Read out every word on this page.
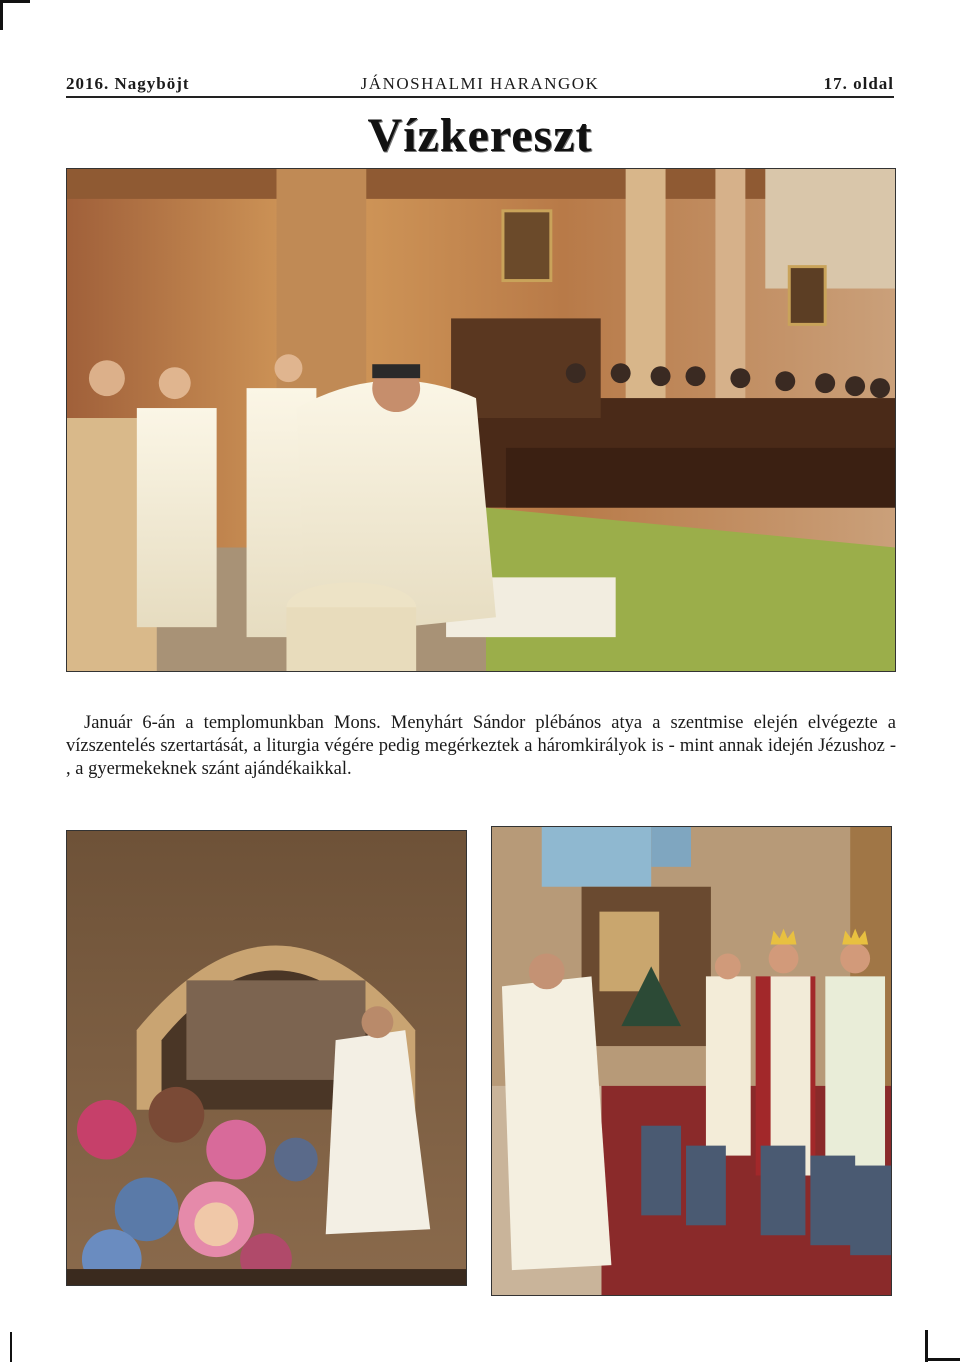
2016. Nagyböjt	JÁNOSHALMI HARANGOK	17. oldal
Vízkereszt
Január 6-án a templomunkban Mons. Menyhárt Sándor plébános atya a szentmise elején elvégezte a vízszentelés szertartását, a liturgia végére pedig megérkeztek a háromkirályok is - mint annak idején Jézushoz - , a gyermekeknek szánt ajándékaikkal.
